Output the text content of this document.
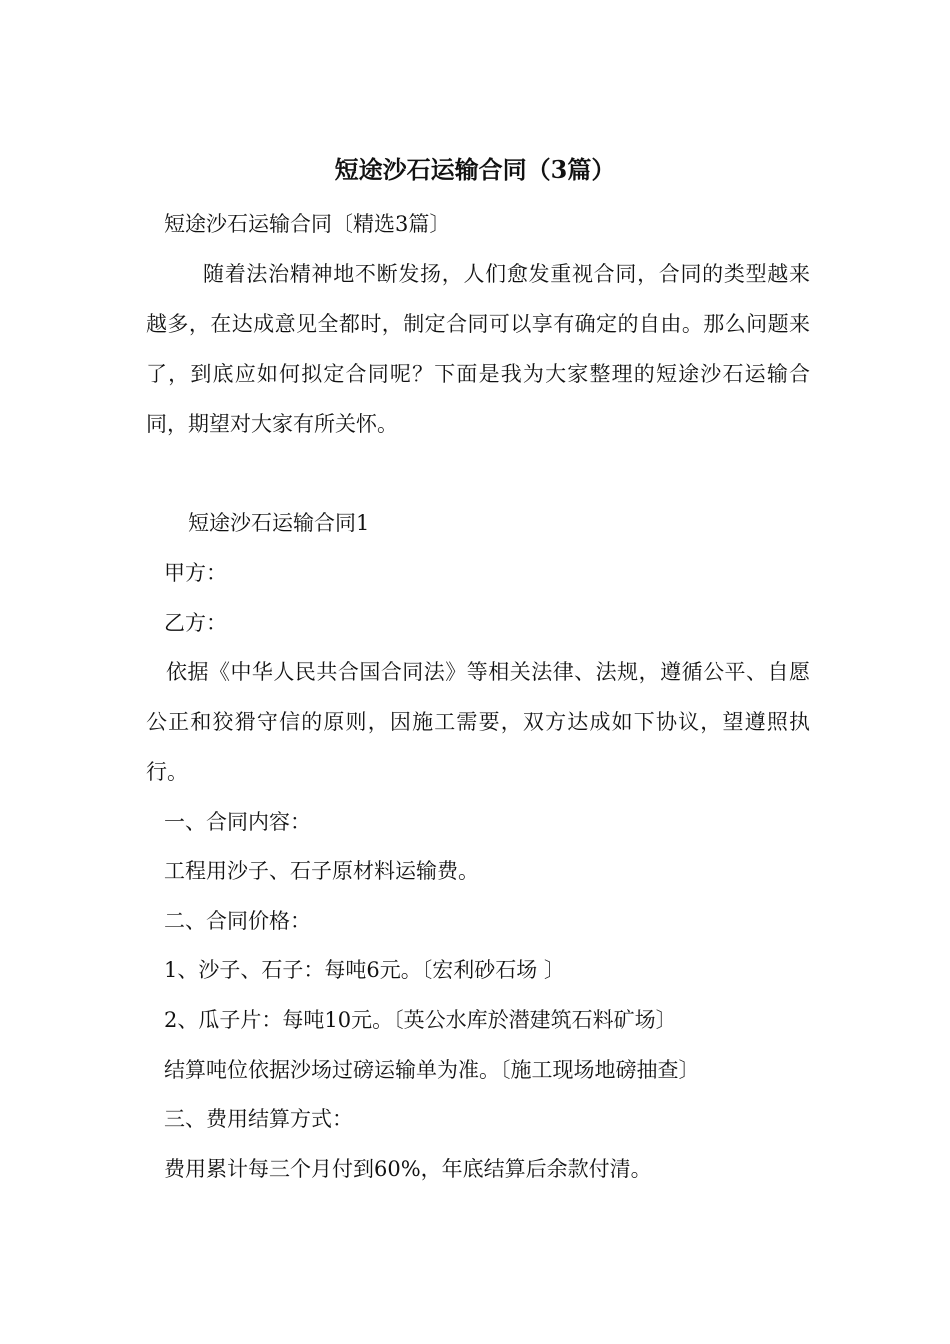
短途沙石运输合同（3篇）
短途沙石运输合同〔精选3篇〕
随着法治精神地不断发扬，人们愈发重视合同，合同的类型越来越多，在达成意见全都时，制定合同可以享有确定的自由。那么问题来了，到底应如何拟定合同呢？下面是我为大家整理的短途沙石运输合同，期望对大家有所关怀。
短途沙石运输合同1
甲方：
乙方：
依据《中华人民共合国合同法》等相关法律、法规，遵循公平、自愿公正和狡猾守信的原则，因施工需要，双方达成如下协议，望遵照执行。
一、合同内容：
工程用沙子、石子原材料运输费。
二、合同价格：
1、沙子、石子：每吨6元。〔宏利砂石场 〕
2、瓜子片：每吨10元。〔英公水库於潜建筑石料矿场〕
结算吨位依据沙场过磅运输单为准。〔施工现场地磅抽查〕
三、费用结算方式：
费用累计每三个月付到60%，年底结算后余款付清。
